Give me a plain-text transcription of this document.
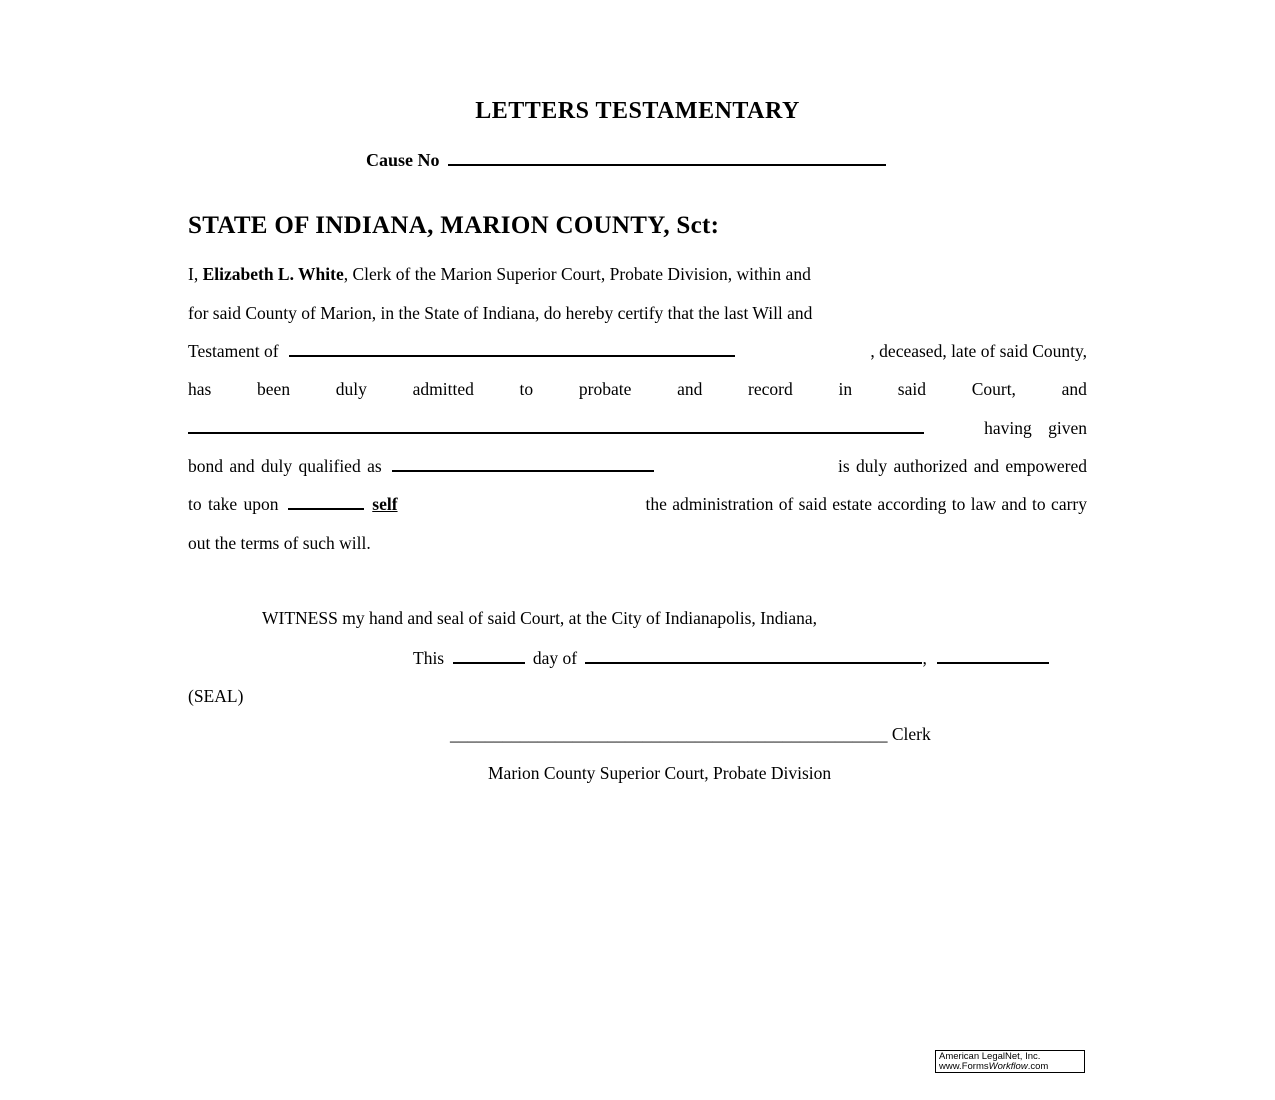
LETTERS TESTAMENTARY
Cause No
STATE OF INDIANA, MARION COUNTY, Sct:
I, Elizabeth L. White, Clerk of the Marion Superior Court, Probate Division, within and
for said County of Marion, in the State of Indiana, do hereby certify that the last Will and
Testament of	, deceased, late of said County,
has	been	duly	admitted	to	probate	and	record	in	said	Court,	and
having given
bond and duly qualified as	is duly authorized and empowered
to take upon	self	the administration of said estate according to law and to carry
out the terms of such will.
WITNESS my hand and seal of said Court, at the City of Indianapolis, Indiana,
This	day of	,
(SEAL)
__________________________________________________ Clerk
Marion County Superior Court, Probate Division
American LegalNet, Inc.
www.FormsWorkflow.com
